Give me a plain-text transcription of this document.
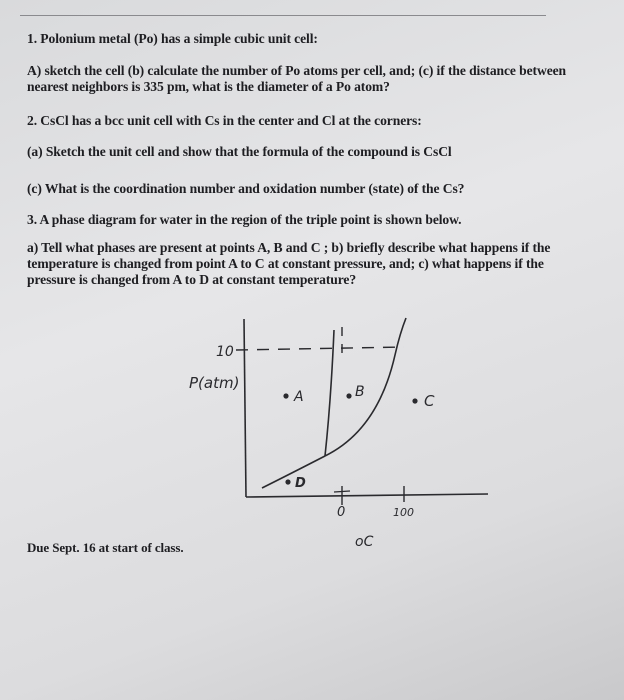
1. Polonium metal (Po) has a simple cubic unit cell:

A) sketch the cell (b) calculate the number of Po atoms per cell, and; (c) if the distance between nearest neighbors is 335 pm, what is the diameter of a Po atom?

2. CsCl has a bcc unit cell with Cs in the center and Cl at the corners:

(a) Sketch the unit cell and show that the formula of the compound is CsCl

(c) What is the coordination number and oxidation number (state) of the Cs?

3. A phase diagram for water in the region of the triple point is shown below.

a) Tell what phases are present at points A, B and C ; b) briefly describe what happens if the temperature is changed from point A to C at constant pressure, and; c) what happens if the pressure is changed from A to D at constant temperature?

10
P(atm)
A	B	C
D
0	100
oC

Due Sept. 16 at start of class.
